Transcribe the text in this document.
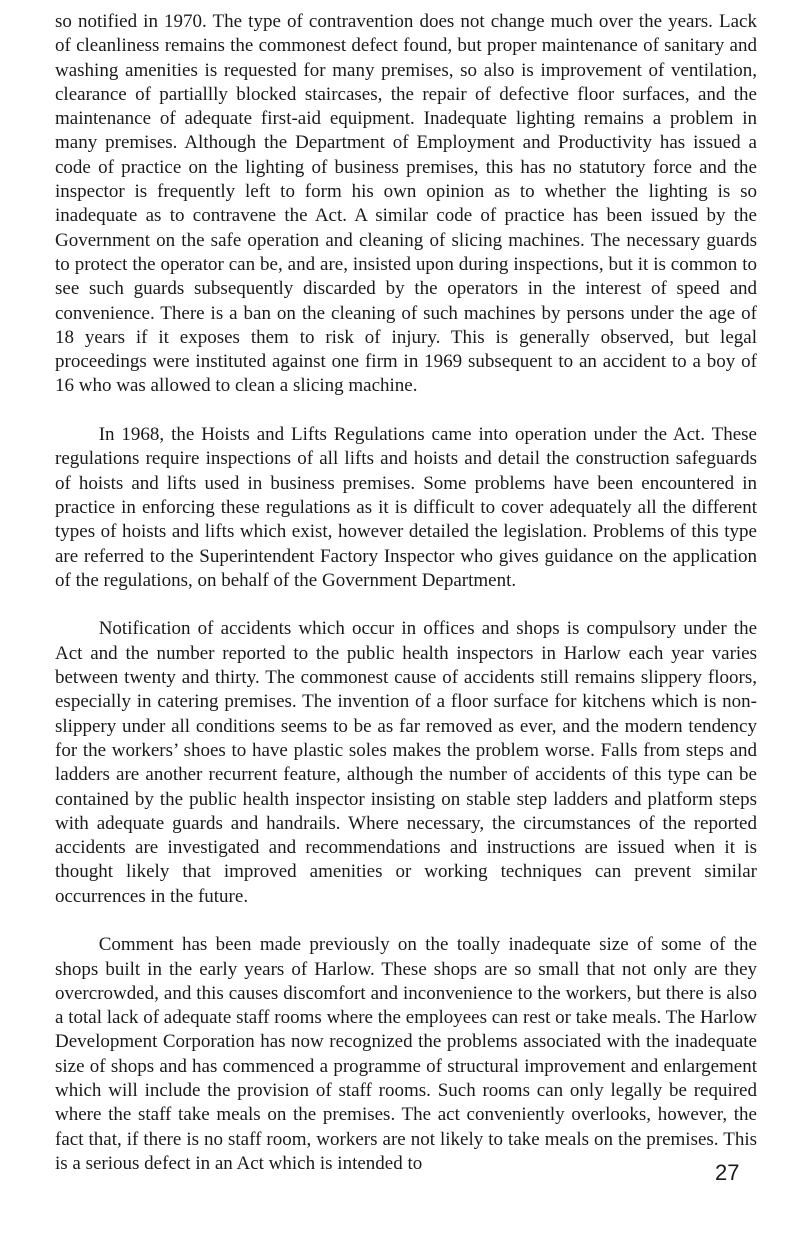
so notified in 1970. The type of contravention does not change much over the years. Lack of cleanliness remains the commonest defect found, but proper maintenance of sanitary and washing amenities is requested for many premises, so also is improvement of ventilation, clearance of partiallly blocked staircases, the repair of defective floor surfaces, and the maintenance of adequate first-aid equipment. Inadequate lighting remains a problem in many premises. Although the Department of Employment and Productivity has issued a code of practice on the lighting of business premises, this has no statutory force and the inspector is frequently left to form his own opinion as to whether the lighting is so inadequate as to contravene the Act. A similar code of practice has been issued by the Government on the safe operation and cleaning of slicing machines. The necessary guards to protect the operator can be, and are, insisted upon during inspections, but it is common to see such guards subsequently discarded by the operators in the interest of speed and convenience. There is a ban on the cleaning of such machines by persons under the age of 18 years if it exposes them to risk of injury. This is generally observed, but legal proceedings were instituted against one firm in 1969 subsequent to an accident to a boy of 16 who was allowed to clean a slicing machine.

In 1968, the Hoists and Lifts Regulations came into operation under the Act. These regulations require inspections of all lifts and hoists and detail the construction safeguards of hoists and lifts used in business premises. Some problems have been encountered in practice in enforcing these regulations as it is difficult to cover adequately all the different types of hoists and lifts which exist, however detailed the legislation. Problems of this type are referred to the Superintendent Factory Inspector who gives guidance on the application of the regulations, on behalf of the Government Department.

Notification of accidents which occur in offices and shops is compulsory under the Act and the number reported to the public health inspectors in Harlow each year varies between twenty and thirty. The commonest cause of accidents still remains slippery floors, especially in catering premises. The invention of a floor surface for kitchens which is non-slippery under all conditions seems to be as far removed as ever, and the modern tendency for the workers’ shoes to have plastic soles makes the problem worse. Falls from steps and ladders are another recurrent feature, although the number of accidents of this type can be contained by the public health inspector insisting on stable step ladders and platform steps with adequate guards and handrails. Where necessary, the circumstances of the reported accidents are investigated and recommendations and instructions are issued when it is thought likely that improved amenities or working techniques can prevent similar occurrences in the future.

Comment has been made previously on the toally inadequate size of some of the shops built in the early years of Harlow. These shops are so small that not only are they overcrowded, and this causes discomfort and inconvenience to the workers, but there is also a total lack of adequate staff rooms where the employees can rest or take meals. The Harlow Development Corporation has now recognized the problems associated with the inadequate size of shops and has commenced a programme of structural improvement and enlargement which will include the provision of staff rooms. Such rooms can only legally be required where the staff take meals on the premises. The act conveniently overlooks, however, the fact that, if there is no staff room, workers are not likely to take meals on the premises. This is a serious defect in an Act which is intended to	27
